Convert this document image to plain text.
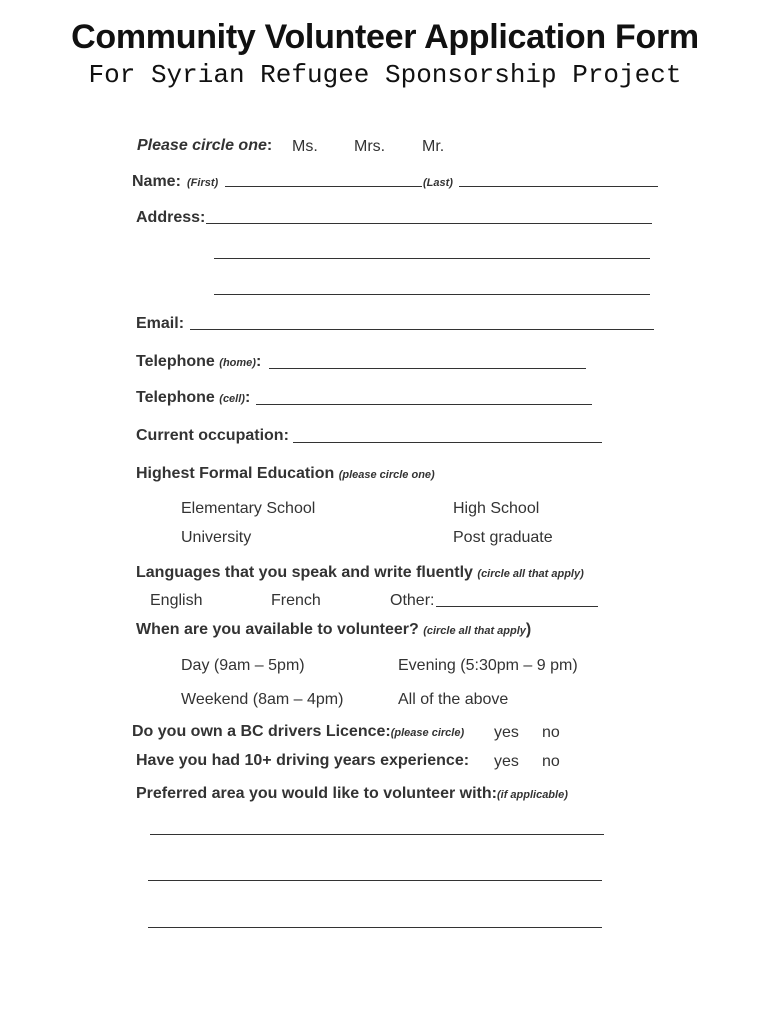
Community Volunteer Application Form
For Syrian Refugee Sponsorship Project
Please circle one: Ms. Mrs. Mr.
Name: (First)	(Last)
Address:
Email:
Telephone (home):
Telephone (cell):
Current occupation:
Highest Formal Education (please circle one)
Elementary School	High School
University	Post graduate
Languages that you speak and write fluently (circle all that apply)
English	French	Other:
When are you available to volunteer? (circle all that apply)
Day (9am – 5pm)	Evening (5:30pm – 9 pm)
Weekend (8am – 4pm)	All of the above
Do you own a BC drivers Licence:(please circle) yes no
Have you had 10+ driving years experience: yes no
Preferred area you would like to volunteer with:(if applicable)
